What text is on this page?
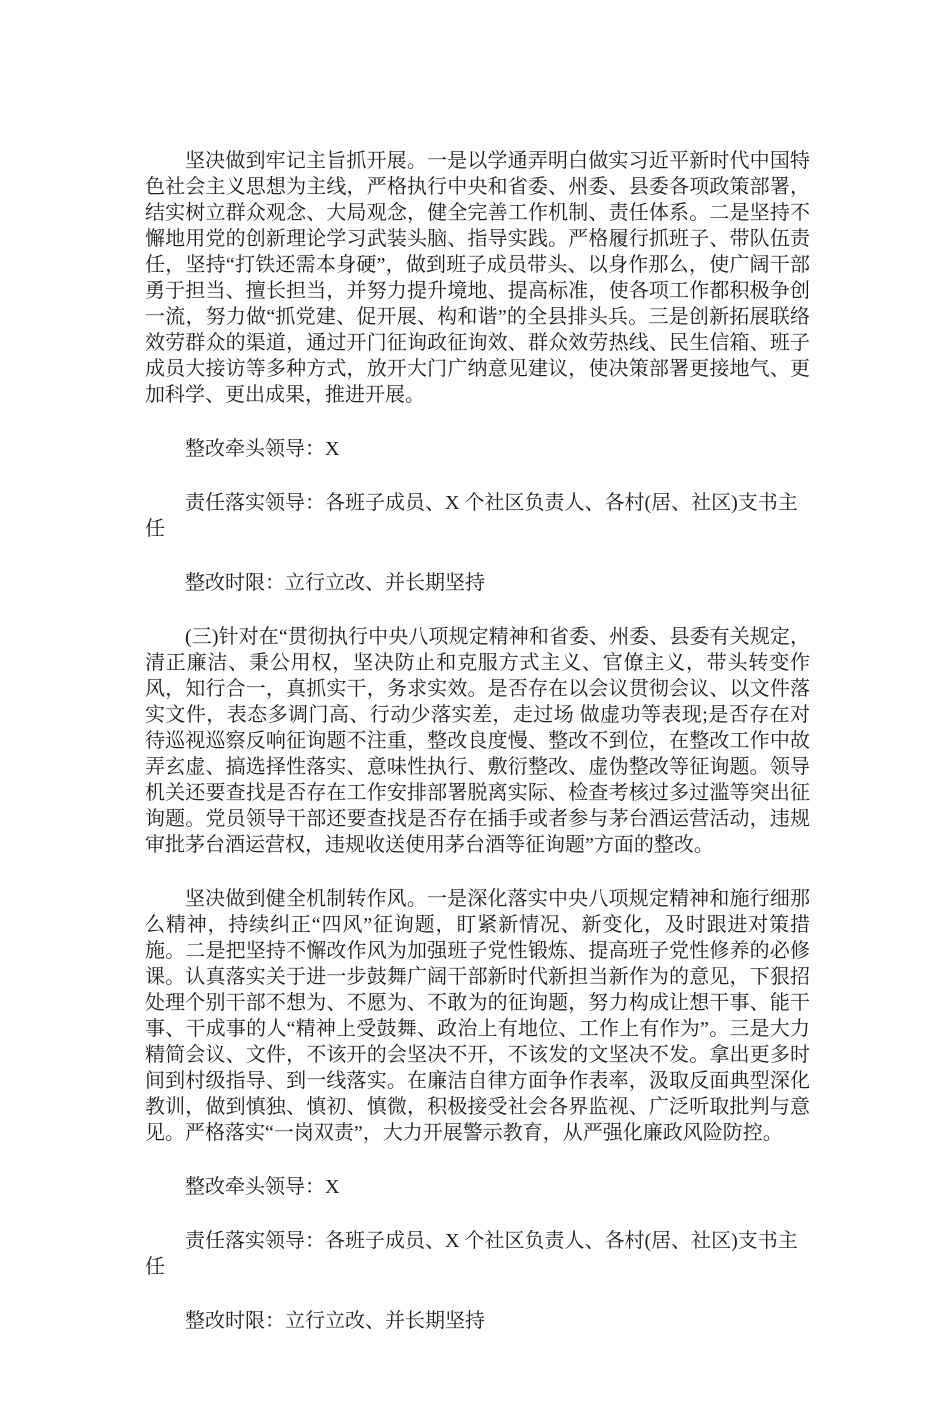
坚决做到牢记主旨抓开展。一是以学通弄明白做实习近平新时代中国特色社会主义思想为主线，严格执行中央和省委、州委、县委各项政策部署，结实树立群众观念、大局观念，健全完善工作机制、责任体系。二是坚持不懈地用党的创新理论学习武装头脑、指导实践。严格履行抓班子、带队伍责任，坚持“打铁还需本身硬”，做到班子成员带头、以身作那么，使广阔干部勇于担当、擅长担当，并努力提升境地、提高标准，使各项工作都积极争创一流，努力做“抓党建、促开展、构和谐”的全县排头兵。三是创新拓展联络效劳群众的渠道，通过开门征询政征询效、群众效劳热线、民生信箱、班子成员大接访等多种方式，放开大门广纳意见建议，使决策部署更接地气、更加科学、更出成果，推进开展。

整改牵头领导：X

责任落实领导：各班子成员、X 个社区负责人、各村(居、社区)支书主任

整改时限：立行立改、并长期坚持

(三)针对在“贯彻执行中央八项规定精神和省委、州委、县委有关规定，清正廉洁、秉公用权，坚决防止和克服方式主义、官僚主义，带头转变作风，知行合一，真抓实干，务求实效。是否存在以会议贯彻会议、以文件落实文件，表态多调门高、行动少落实差，走过场 做虚功等表现;是否存在对待巡视巡察反响征询题不注重，整改良度慢、整改不到位，在整改工作中故弄玄虚、搞选择性落实、意味性执行、敷衍整改、虚伪整改等征询题。领导机关还要查找是否存在工作安排部署脱离实际、检查考核过多过滥等突出征询题。党员领导干部还要查找是否存在插手或者参与茅台酒运营活动，违规审批茅台酒运营权，违规收送使用茅台酒等征询题”方面的整改。

坚决做到健全机制转作风。一是深化落实中央八项规定精神和施行细那么精神，持续纠正“四风”征询题，盯紧新情况、新变化，及时跟进对策措施。二是把坚持不懈改作风为加强班子党性锻炼、提高班子党性修养的必修课。认真落实关于进一步鼓舞广阔干部新时代新担当新作为的意见，下狠招处理个别干部不想为、不愿为、不敢为的征询题，努力构成让想干事、能干事、干成事的人“精神上受鼓舞、政治上有地位、工作上有作为”。三是大力精简会议、文件，不该开的会坚决不开，不该发的文坚决不发。拿出更多时间到村级指导、到一线落实。在廉洁自律方面争作表率，汲取反面典型深化教训，做到慎独、慎初、慎微，积极接受社会各界监视、广泛听取批判与意见。严格落实“一岗双责”，大力开展警示教育，从严强化廉政风险防控。

整改牵头领导：X

责任落实领导：各班子成员、X 个社区负责人、各村(居、社区)支书主任

整改时限：立行立改、并长期坚持
